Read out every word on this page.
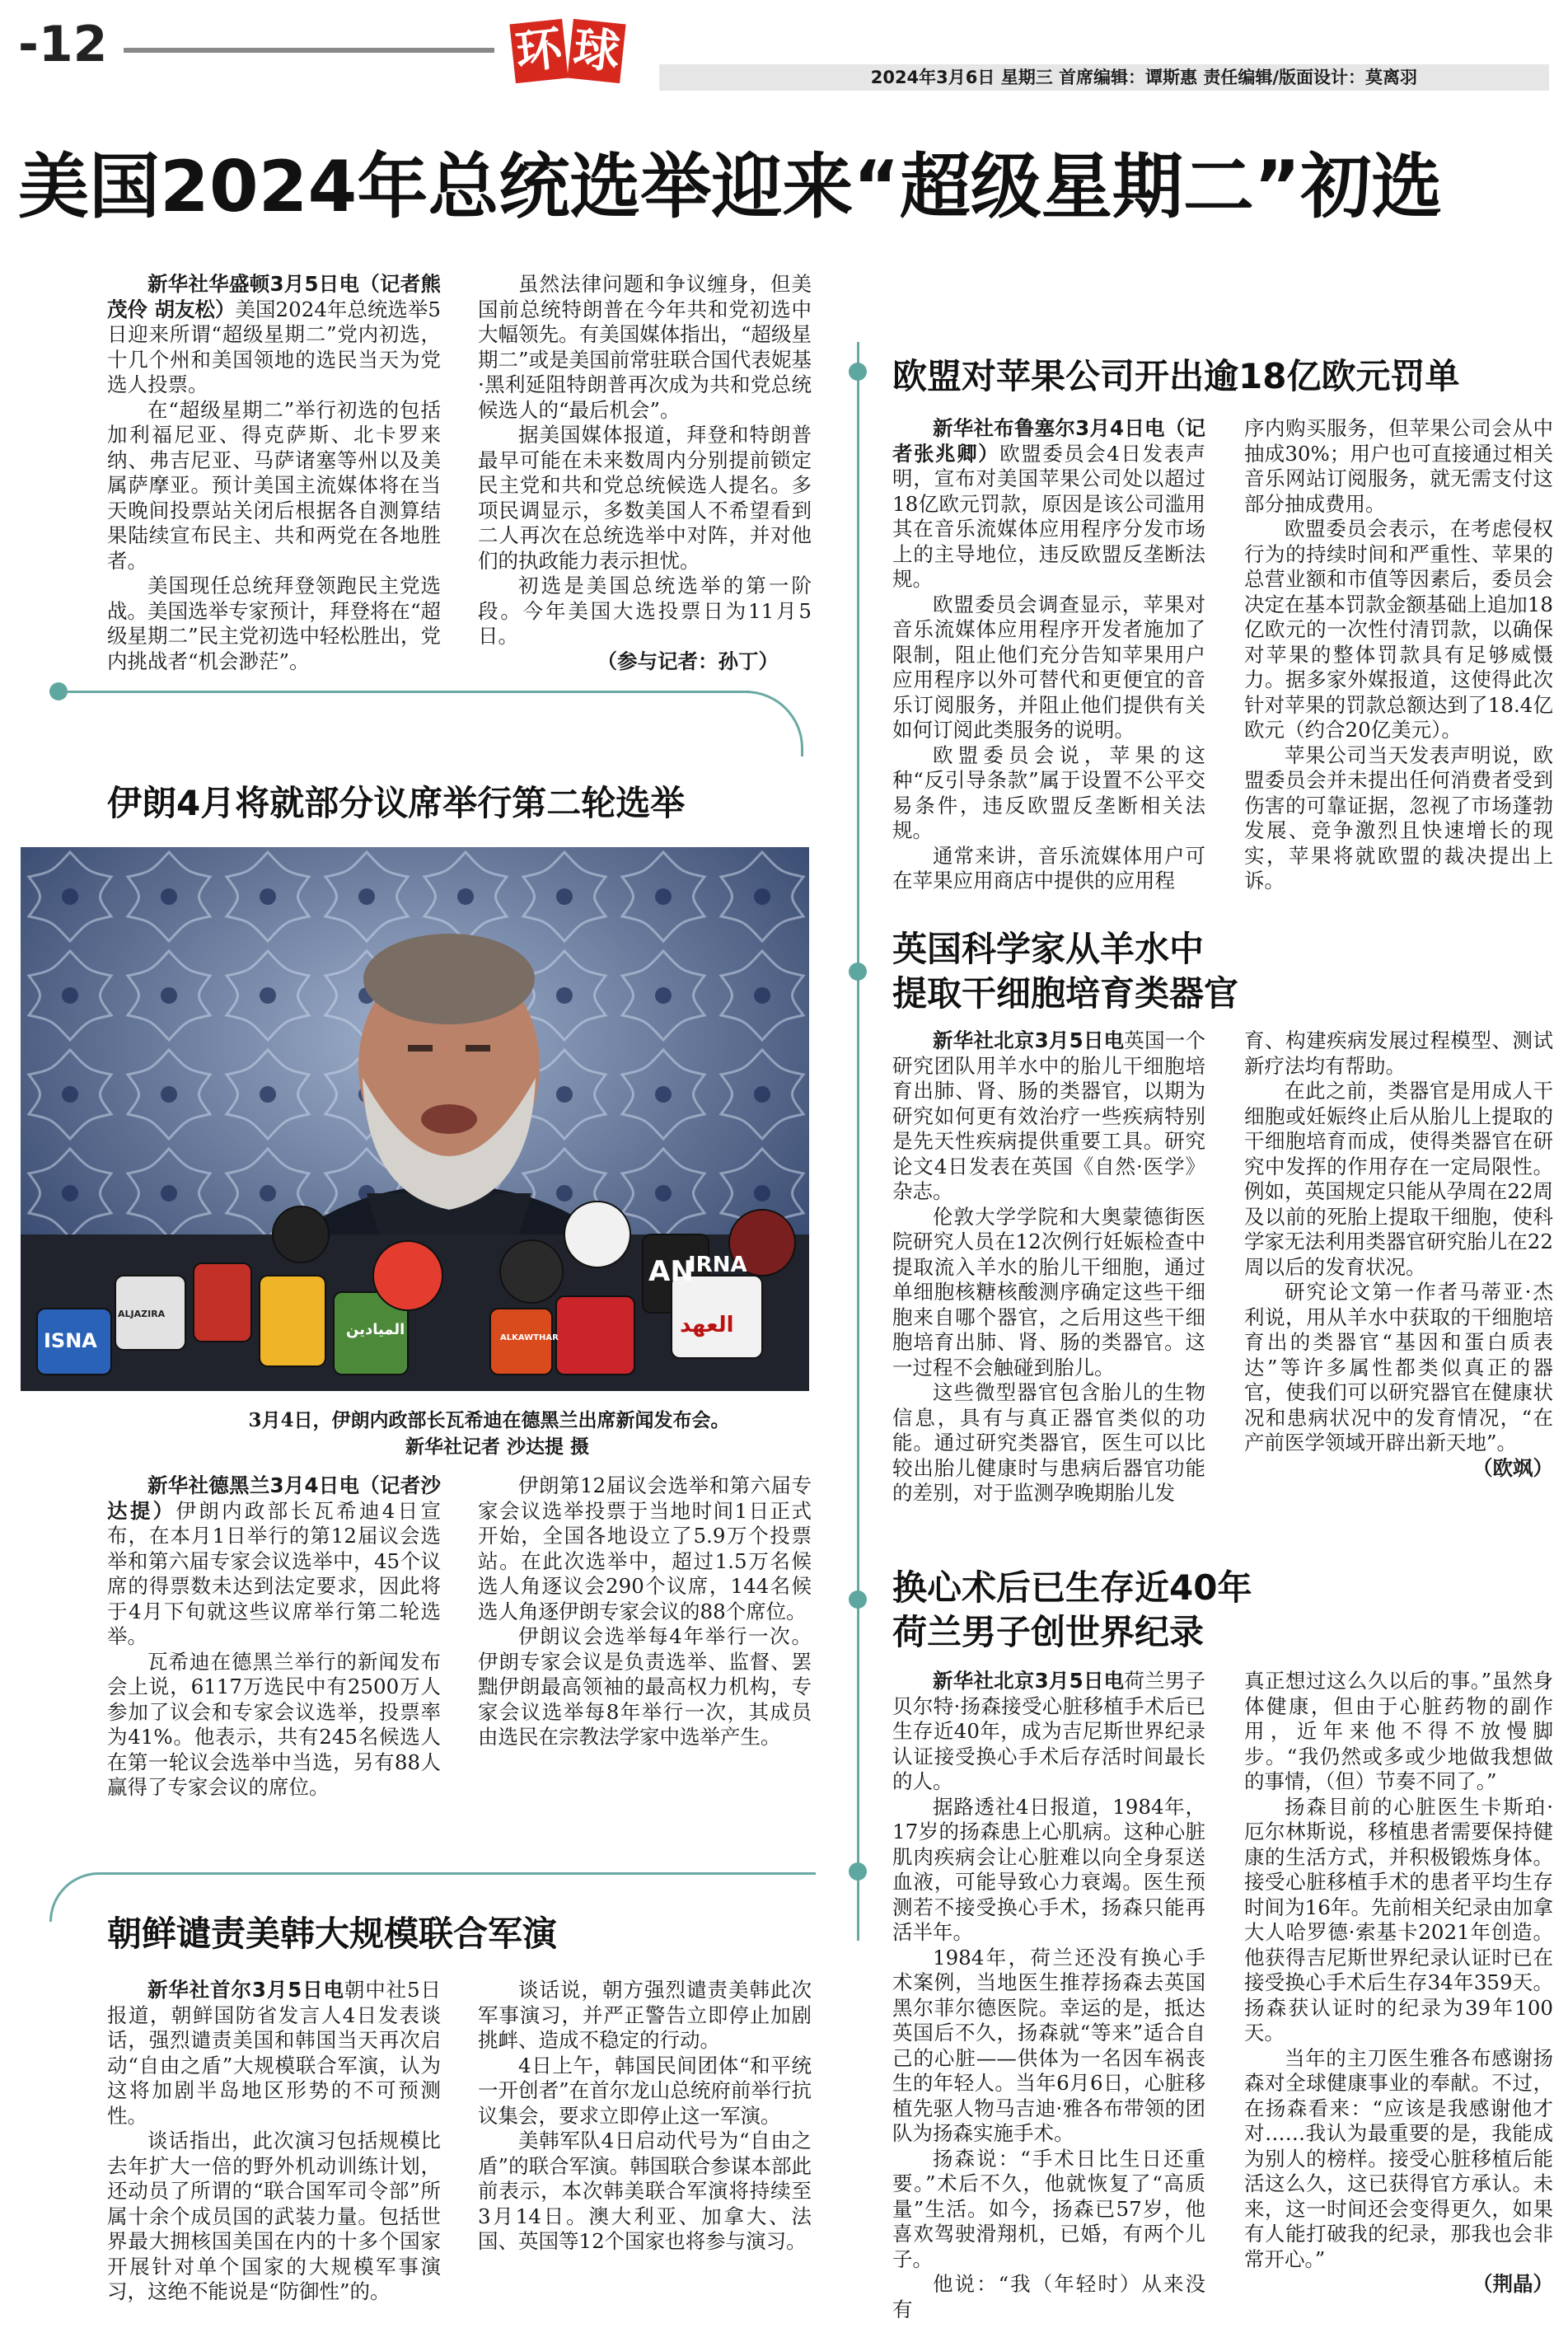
-12	环 球	2024年3月6日 星期三 首席编辑：谭斯惠 责任编辑/版面设计：莫离羽
美国2024年总统选举迎来“超级星期二”初选

新华社华盛顿3月5日电（记者熊茂伶 胡友松）美国2024年总统选举5日迎来所谓“超级星期二”党内初选，十几个州和美国领地的选民当天为党选人投票。

在“超级星期二”举行初选的包括加利福尼亚、得克萨斯、北卡罗来纳、弗吉尼亚、马萨诸塞等州以及美属萨摩亚。预计美国主流媒体将在当天晚间投票站关闭后根据各自测算结果陆续宣布民主、共和两党在各地胜者。

美国现任总统拜登领跑民主党选战。美国选举专家预计，拜登将在“超级星期二”民主党初选中轻松胜出，党内挑战者“机会渺茫”。

虽然法律问题和争议缠身，但美国前总统特朗普在今年共和党初选中大幅领先。有美国媒体指出，“超级星期二”或是美国前常驻联合国代表妮基·黑利延阻特朗普再次成为共和党总统候选人的“最后机会”。

据美国媒体报道，拜登和特朗普最早可能在未来数周内分别提前锁定民主党和共和党总统候选人提名。多项民调显示，多数美国人不希望看到二人再次在总统选举中对阵，并对他们的执政能力表示担忧。

初选是美国总统选举的第一阶段。今年美国大选投票日为11月5日。

（参与记者：孙丁）

欧盟对苹果公司开出逾18亿欧元罚单

新华社布鲁塞尔3月4日电（记者张兆卿）欧盟委员会4日发表声明，宣布对美国苹果公司处以超过18亿欧元罚款，原因是该公司滥用其在音乐流媒体应用程序分发市场上的主导地位，违反欧盟反垄断法规。

欧盟委员会调查显示，苹果对音乐流媒体应用程序开发者施加了限制，阻止他们充分告知苹果用户应用程序以外可替代和更便宜的音乐订阅服务，并阻止他们提供有关如何订阅此类服务的说明。

欧盟委员会说，苹果的这种“反引导条款”属于设置不公平交易条件，违反欧盟反垄断相关法规。

通常来讲，音乐流媒体用户可在苹果应用商店中提供的应用程

序内购买服务，但苹果公司会从中抽成30%；用户也可直接通过相关音乐网站订阅服务，就无需支付这部分抽成费用。

欧盟委员会表示，在考虑侵权行为的持续时间和严重性、苹果的总营业额和市值等因素后，委员会决定在基本罚款金额基础上追加18亿欧元的一次性付清罚款，以确保对苹果的整体罚款具有足够威慑力。据多家外媒报道，这使得此次针对苹果的罚款总额达到了18.4亿欧元（约合20亿美元）。

苹果公司当天发表声明说，欧盟委员会并未提出任何消费者受到伤害的可靠证据，忽视了市场蓬勃发展、竞争激烈且快速增长的现实，苹果将就欧盟的裁决提出上诉。

伊朗4月将就部分议席举行第二轮选举
ISNA
IRNA
ALJAZIRA
AN
الميادين	العهد
ALKAWTHAR
3月4日，伊朗内政部长瓦希迪在德黑兰出席新闻发布会。
新华社记者 沙达提 摄

新华社德黑兰3月4日电（记者沙达提）伊朗内政部长瓦希迪4日宣布，在本月1日举行的第12届议会选举和第六届专家会议选举中，45个议席的得票数未达到法定要求，因此将于4月下旬就这些议席举行第二轮选举。

瓦希迪在德黑兰举行的新闻发布会上说，6117万选民中有2500万人参加了议会和专家会议选举，投票率为41%。他表示，共有245名候选人在第一轮议会选举中当选，另有88人赢得了专家会议的席位。

伊朗第12届议会选举和第六届专家会议选举投票于当地时间1日正式开始，全国各地设立了5.9万个投票站。在此次选举中，超过1.5万名候选人角逐议会290个议席，144名候选人角逐伊朗专家会议的88个席位。

伊朗议会选举每4年举行一次。伊朗专家会议是负责选举、监督、罢黜伊朗最高领袖的最高权力机构，专家会议选举每8年举行一次，其成员由选民在宗教法学家中选举产生。

朝鲜谴责美韩大规模联合军演

新华社首尔3月5日电朝中社5日报道，朝鲜国防省发言人4日发表谈话，强烈谴责美国和韩国当天再次启动“自由之盾”大规模联合军演，认为这将加剧半岛地区形势的不可预测性。

谈话指出，此次演习包括规模比去年扩大一倍的野外机动训练计划，还动员了所谓的“联合国军司令部”所属十余个成员国的武装力量。包括世界最大拥核国美国在内的十多个国家开展针对单个国家的大规模军事演习，这绝不能说是“防御性”的。

谈话说，朝方强烈谴责美韩此次军事演习，并严正警告立即停止加剧挑衅、造成不稳定的行动。

4日上午，韩国民间团体“和平统一开创者”在首尔龙山总统府前举行抗议集会，要求立即停止这一军演。

美韩军队4日启动代号为“自由之盾”的联合军演。韩国联合参谋本部此前表示，本次韩美联合军演将持续至3月14日。澳大利亚、加拿大、法国、英国等12个国家也将参与演习。

英国科学家从羊水中
提取干细胞培育类器官

新华社北京3月5日电英国一个研究团队用羊水中的胎儿干细胞培育出肺、肾、肠的类器官，以期为研究如何更有效治疗一些疾病特别是先天性疾病提供重要工具。研究论文4日发表在英国《自然·医学》杂志。

伦敦大学学院和大奥蒙德街医院研究人员在12次例行妊娠检查中提取流入羊水的胎儿干细胞，通过单细胞核糖核酸测序确定这些干细胞来自哪个器官，之后用这些干细胞培育出肺、肾、肠的类器官。这一过程不会触碰到胎儿。

这些微型器官包含胎儿的生物信息，具有与真正器官类似的功能。通过研究类器官，医生可以比较出胎儿健康时与患病后器官功能的差别，对于监测孕晚期胎儿发

育、构建疾病发展过程模型、测试新疗法均有帮助。

在此之前，类器官是用成人干细胞或妊娠终止后从胎儿上提取的干细胞培育而成，使得类器官在研究中发挥的作用存在一定局限性。例如，英国规定只能从孕周在22周及以前的死胎上提取干细胞，使科学家无法利用类器官研究胎儿在22周以后的发育状况。

研究论文第一作者马蒂亚·杰利说，用从羊水中获取的干细胞培育出的类器官“基因和蛋白质表达”等许多属性都类似真正的器官，使我们可以研究器官在健康状况和患病状况中的发育情况，“在产前医学领域开辟出新天地”。

（欧飒）

换心术后已生存近40年
荷兰男子创世界纪录

新华社北京3月5日电荷兰男子贝尔特·扬森接受心脏移植手术后已生存近40年，成为吉尼斯世界纪录认证接受换心手术后存活时间最长的人。

据路透社4日报道，1984年，17岁的扬森患上心肌病。这种心脏肌肉疾病会让心脏难以向全身泵送血液，可能导致心力衰竭。医生预测若不接受换心手术，扬森只能再活半年。

1984年，荷兰还没有换心手术案例，当地医生推荐扬森去英国黑尔菲尔德医院。幸运的是，抵达英国后不久，扬森就“等来”适合自己的心脏——供体为一名因车祸丧生的年轻人。当年6月6日，心脏移植先驱人物马吉迪·雅各布带领的团队为扬森实施手术。

扬森说：“手术日比生日还重要。”术后不久，他就恢复了“高质量”生活。如今，扬森已57岁，他喜欢驾驶滑翔机，已婚，有两个儿子。

他说：“我（年轻时）从来没有

真正想过这么久以后的事。”虽然身体健康，但由于心脏药物的副作用，近年来他不得不放慢脚步。“我仍然或多或少地做我想做的事情，（但）节奏不同了。”

扬森目前的心脏医生卡斯珀·厄尔林斯说，移植患者需要保持健康的生活方式，并积极锻炼身体。接受心脏移植手术的患者平均生存时间为16年。先前相关纪录由加拿大人哈罗德·索基卡2021年创造。他获得吉尼斯世界纪录认证时已在接受换心手术后生存34年359天。扬森获认证时的纪录为39年100天。

当年的主刀医生雅各布感谢扬森对全球健康事业的奉献。不过，在扬森看来：“应该是我感谢他才对……我认为最重要的是，我能成为别人的榜样。接受心脏移植后能活这么久，这已获得官方承认。未来，这一时间还会变得更久，如果有人能打破我的纪录，那我也会非常开心。”

（荆晶）
